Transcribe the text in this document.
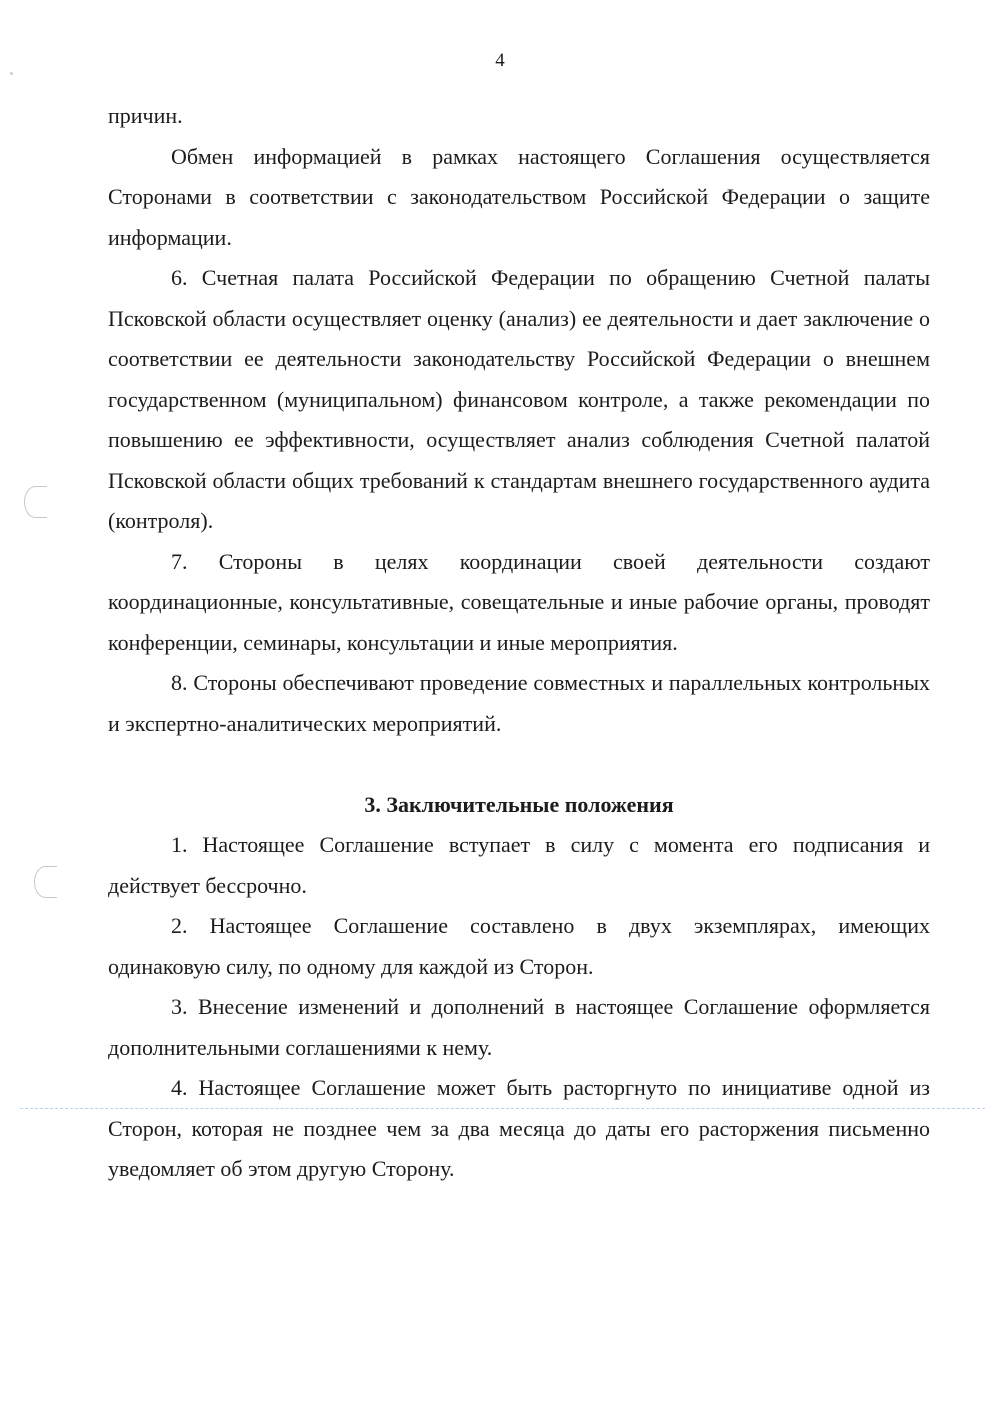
4

причин.

Обмен информацией в рамках настоящего Соглашения осуществляется Сторонами в соответствии с законодательством Российской Федерации о защите информации.

6. Счетная палата Российской Федерации по обращению Счетной палаты Псковской области осуществляет оценку (анализ) ее деятельности и дает заключение о соответствии ее деятельности законодательству Российской Федерации о внешнем государственном (муниципальном) финансовом контроле, а также рекомендации по повышению ее эффективности, осуществляет анализ соблюдения Счетной палатой Псковской области общих требований к стандартам внешнего государственного аудита (контроля).

7. Стороны в целях координации своей деятельности создают координационные, консультативные, совещательные и иные рабочие органы, проводят конференции, семинары, консультации и иные мероприятия.

8. Стороны обеспечивают проведение совместных и параллельных контрольных и экспертно-аналитических мероприятий.

3. Заключительные положения

1. Настоящее Соглашение вступает в силу с момента его подписания и действует бессрочно.

2. Настоящее Соглашение составлено в двух экземплярах, имеющих одинаковую силу, по одному для каждой из Сторон.

3. Внесение изменений и дополнений в настоящее Соглашение оформляется дополнительными соглашениями к нему.

4. Настоящее Соглашение может быть расторгнуто по инициативе одной из Сторон, которая не позднее чем за два месяца до даты его расторжения письменно уведомляет об этом другую Сторону.
